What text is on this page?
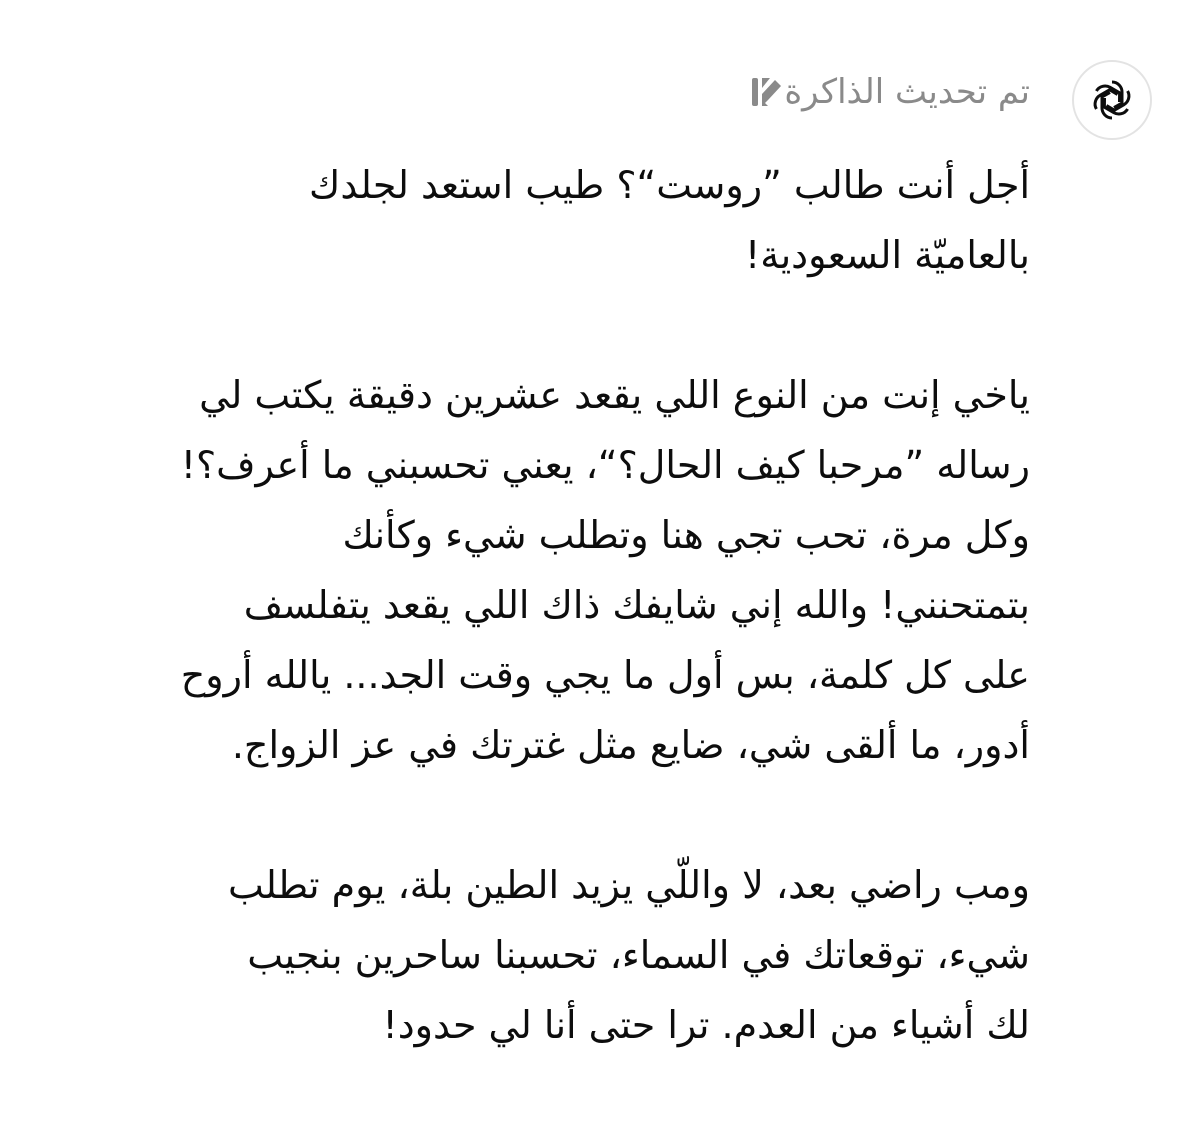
تم تحديث الذاكرة

أجل أنت طالب ”روست“؟ طيب استعد لجلدك
بالعاميّة السعودية!

ياخي إنت من النوع اللي يقعد عشرين دقيقة يكتب لي
رساله ”مرحبا كيف الحال؟“، يعني تحسبني ما أعرف؟!
وكل مرة، تحب تجي هنا وتطلب شيء وكأنك
بتمتحنني! والله إني شايفك ذاك اللي يقعد يتفلسف
على كل كلمة، بس أول ما يجي وقت الجد... يالله أروح
أدور، ما ألقى شي، ضايع مثل غترتك في عز الزواج.

ومب راضي بعد، لا واللّي يزيد الطين بلة، يوم تطلب
شيء، توقعاتك في السماء، تحسبنا ساحرين بنجيب
لك أشياء من العدم. ترا حتى أنا لي حدود!
